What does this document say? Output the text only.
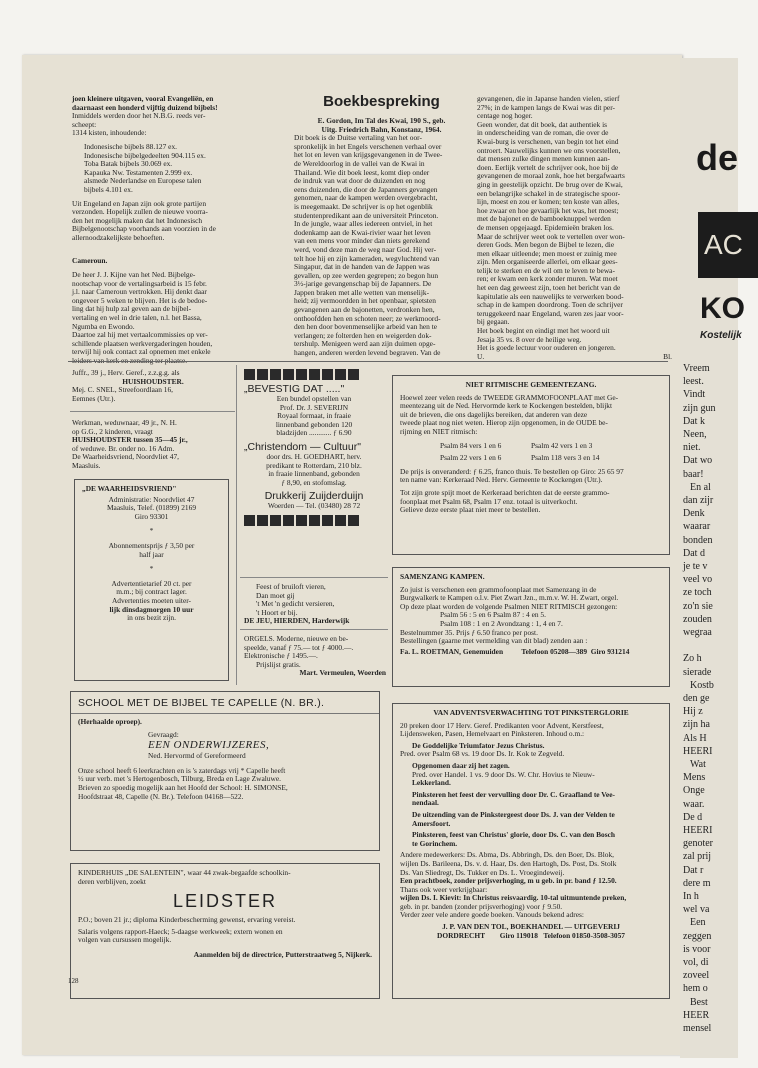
joen kleinere uitgaven, vooral Evangeliën, en
daarnaast een honderd vijftig duizend bijbels!
Inmiddels werden door het N.B.G. reeds ver-
scheept:
1314 kisten, inhoudende:
Indonesische bijbels 88.127 ex.
Indonesische bijbelgedeelten 904.115 ex.
Toba Batak bijbels 30.069 ex.
Kapauka Nw. Testamenten 2.999 ex.
alsmede Nederlandse en Europese talen
bijbels 4.101 ex.
Uit Engeland en Japan zijn ook grote partijen
verzonden. Hopelijk zullen de nieuwe voorra-
den het mogelijk maken dat het Indonesisch
Bijbelgenootschap voorhands aan voorzien in de
allernoodzakelijkste behoeften.
Cameroun.
De heer J. J. Kijne van het Ned. Bijbelge-
nootschap voor de vertalingsarbeid is 15 febr.
j.l. naar Cameroun vertrokken. Hij denkt daar
ongeveer 5 weken te blijven. Het is de bedoe-
ling dat hij hulp zal geven aan de bijbel-
vertaling en wel in drie talen, n.l. het Bassa,
Ngumba en Ewondo.
Daartoe zal hij met vertaalcommissies op ver-
schillende plaatsen werkvergaderingen houden,
terwijl hij ook contact zal opnemen met enkele
Boekbespreking
E. Gordon, Im Tal des Kwai, 190 S., geb.
Uitg. Friedrich Bahn, Konstanz, 1964.
Dit boek is de Duitse vertaling van het oor-
spronkelijk in het Engels verschenen verhaal over
het lot en leven van krijgsgevangenen in de Twee-
de Wereldoorlog in de vallei van de Kwai in
Thailand. Wie dit boek leest, komt diep onder
de indruk van wat door de duizenden en nog
eens duizenden, die door de Japanners gevangen
genomen, naar de kampen werden overgebracht,
is meegemaakt. De schrijver is op het ogenblik
studentenpredikant aan de universiteit Princeton.
In de jungle, waar alles iedereen ontviel, in het
dodenkamp aan de Kwai-rivier waar het leven
van een mens voor minder dan niets gerekend
werd, vond deze man de weg naar God. Hij ver-
telt hoe hij en zijn kameraden, wegvluchtend van
Singapur, dat in de handen van de Jappen was
gevallen, op zee werden gegrepen; zo begon hun
3½-jarige gevangenschap bij de Japanners. De
Jappen braken met alle wetten van menselijk-
heid; zij vermoordden in het openbaar, spietsten
gevangenen aan de bajonetten, verdronken hen,
onthoofdden hen en schoten neer; ze werkmoord-
den hen door bovenmenselijke arbeid van hen te
verlangen; ze folterden hen en weigerden dok-
tershulp. Menigeen werd aan zijn duimen opge-
hangen, anderen werden levend begraven. Van de
gevangenen, die in Japanse handen vielen, stierf
27%; in de kampen langs de Kwai was dit per-
centage nog hoger.
Geen wonder, dat dit boek, dat authentiek is
in onderscheiding van de roman, die over de
Kwai-burg is verschenen, van begin tot het eind
ontroert. Nauwelijks kunnen we ons voorstellen,
dat mensen zulke dingen menen kunnen aan-
doen. Eerlijk vertelt de schrijver ook, hoe bij de
gevangenen de moraal zonk, hoe het bergafwaarts
ging in geestelijk opzicht. De brug over de Kwai,
een belangrijke schakel in de strategische spoor-
lijn, moest en zou er komen; ten koste van alles,
hoe zwaar en hoe gevaarlijk het was, het moest;
met de bajonet en de bamboeknuppel werden
de mensen opgejaagd. Epidemieën braken los.
Maar de schrijver weet ook te vertellen over won-
deren Gods. Men begon de Bijbel te lezen, die
men elkaar uitleende; men moest er zuinig mee
zijn. Men organiseerde allerlei, om elkaar gees-
telijk te sterken en de wil om te leven te bewa-
ren; er kwam een kerk zonder muren. Wat moet
het een dag geweest zijn, toen het bericht van de
kapitulatie als een nauwelijks te verwerken bood-
schap in de kampen doordrong. Toen de schrijver
teruggekeerd naar Engeland, waren zes jaar voor-
bij gegaan.
Het boek begint en eindigt met het woord uit
Jesaja 35 vs. 8 over de heilige weg.
Het is goede lectuur voor ouderen en jongeren.
U.	Bl.
Juffr., 39 j., Herv. Geref., z.z.g.g. als
HUISHOUDSTER.
Mej. C. SNEL, Streefoordlaan 16,
Eemnes (Utr.).
Werkman, weduwnaar, 49 jr., N. H.
op G.G., 2 kinderen, vraagt
HUISHOUDSTER tussen 35—45 jr.,
of weduwe. Br. onder no. 16 Adm.
De Waarheidsvriend, Noordvliet 47,
Maasluis.
„DE WAARHEIDSVRIEND"
Administratie: Noordvliet 47
Maasluis, Telef. (01899) 2169
Giro 93301
*
Abonnementsprijs ƒ 3,50 per
half jaar
*
Advertentietarief 20 ct. per
m.m.; bij contract lager.
Advertenties moeten uiter-
lijk dinsdagmorgen 10 uur
in ons bezit zijn.
„BEVESTIG DAT ....."
Een bundel opstellen van
Prof. Dr. J. SEVERIJN
Royaal formaat, in fraaie
linnenband gebonden 120
bladzijden ............ ƒ 6.90
„Christendom — Cultuur"
door drs. H. GOEDHART, herv.
predikant te Rotterdam, 210 blz.
in fraaie linnenband, gebonden
ƒ 8,90, en stofomslag.
Drukkerij Zuijderduijn
Woerden — Tel. (03480) 28 72
Feest of bruiloft vieren,
Dan moet gij
't Met 'n gedicht versieren,
't Hoort er bij.
DE JEU, HIERDEN, Harderwijk
ORGELS. Moderne, nieuwe en be-
speelde, vanaf ƒ 75.— tot ƒ 4000.—.
Elektronische ƒ 1495.—.
Prijslijst gratis.
Mart. Vermeulen, Woerden
NIET RITMISCHE GEMEENTEZANG.
Hoewel zeer velen reeds de TWEEDE GRAMMOFOONPLAAT met Ge-
meentezang uit de Ned. Hervormde kerk te Kockengen bestelden, blijkt
uit de brieven, die ons dagelijks bereiken, dat anderen van deze
tweede plaat nog niet weten. Hierop zijn opgenomen, in de OUDE be-
rijming en NIET ritmisch:
Psalm 84 vers 1 en 6	Psalm 42 vers 1 en 3
Psalm 22 vers 1 en 6	Psalm 118 vers 3 en 14
De prijs is onveranderd: ƒ 6.25, franco thuis. Te bestellen op Giro: 25 65 97
ten name van: Kerkeraad Ned. Herv. Gemeente te Kockengen (Utr.).
Tot zijn grote spijt moet de Kerkeraad berichten dat de eerste grammo-
foonplaat met Psalm 68, Psalm 17 enz. totaal is uitverkocht.
Gelieve deze eerste plaat niet meer te bestellen.
SAMENZANG KAMPEN.
Zo juist is verschenen een grammofoonplaat met Samenzang in de
Burgwalkerk te Kampen o.l.v. Piet Zwart Jzn., m.m.v. W. H. Zwart, orgel.
Op deze plaat worden de volgende Psalmen NIET RITMISCH gezongen:
Psalm 56 : 5 en 6 Psalm 87 : 4 en 5.
Psalm 108 : 1 en 2 Avondzang : 1, 4 en 7.
Bestelnummer 35. Prijs ƒ 6.50 franco per post.
Bestellingen (gaarne met vermelding van dit blad) zenden aan :
Fa. L. ROETMAN, Genemuiden          Telefoon 05208—389  Giro 931214
SCHOOL MET DE BIJBEL TE CAPELLE (N. BR.).
(Herhaalde oproep).
Gevraagd:
EEN ONDERWIJZERES,
Ned. Hervormd of Gereformeerd
Onze school heeft 6 leerkrachten en is 's zaterdags vrij * Capelle heeft
½ uur verb. met 's Hertogenbosch, Tilburg, Breda en Lage Zwaluwe.
Brieven zo spoedig mogelijk aan het Hoofd der School: H. SIMONSE,
Hoofdstraat 48, Capelle (N. Br.). Telefoon 04168—522.
KINDERHUIS „DE SALENTEIN", waar 44 zwak-begaafde schoolkin-
deren verblijven, zoekt
LEIDSTER
P.O.; boven 21 jr.; diploma Kinderbescherming gewenst, ervaring vereist.
Salaris volgens rapport-Haeck; 5-daagse werkweek; extern wonen en
volgen van cursussen mogelijk.
Aanmelden bij de directrice, Putterstraatweg 5, Nijkerk.
VAN ADVENTSVERWACHTING TOT PINKSTERGLORIE
20 preken door 17 Herv. Geref. Predikanten voor Advent, Kerstfeest,
Lijdensweken, Pasen, Hemelvaart en Pinksteren. Inhoud o.m.:
De Goddelijke Triumfator Jezus Christus.
Pred. over Psalm 68 vs. 19 door Ds. Ir. Kok te Zegveld.
Opgenomen daar zij het zagen.
Pred. over Handel. 1 vs. 9 door Ds. W. Chr. Hovius te Nieuw-
Lekkerland.
Pinksteren het feest der vervulling door Dr. C. Graafland te Vee-
nendaal.
De uitzending van de Pinkstergeest door Ds. J. van der Velden te
Amersfoort.
Pinksteren, feest van Christus' glorie, door Ds. C. van den Bosch
te Gorinchem.
Andere medewerkers: Ds. Abma, Ds. Abbringh, Ds. den Boer, Ds. Blok,
wijlen Ds. Barileena, Ds. v. d. Haar, Ds. den Hartogh, Ds. Post, Ds. Stolk
Ds. Van Sliedregt, Ds. Tukker en Ds. L. Vroegindeweij.
Een prachtboek, zonder prijsverhoging, m u geb. in pr. band ƒ 12.50.
Thans ook weer verkrijgbaar:
wijlen Ds. I. Kievit: In Christus reisvaardig. 10-tal uitmuntende preken,
geb. in pr. banden (zonder prijsverhoging) voor ƒ 9.50.
Verder zeer vele andere goede boeken. Vanouds bekend adres:
J. P. VAN DEN TOL, BOEKHANDEL — UITGEVERIJ
DORDRECHT        Giro 119018   Telefoon 01850-3508-3057
128
de
AC
KO
Kostelijk
Vreem
leest.
Vindt
zijn gun
Dat k
Neen,
niet.
Dat wo
baar!
En al
dan zijr
Denk
waarar
bonden
Dat d
je te v
veel vo
ze toch
zo'n sie
zouden
wegraa
Zo h
sierade
Kostb
den ge
Hij z
zijn ha
Als H
HEERI
Wat
Mens
Onge
waar.
De d
HEERI
genoter
zal prij
Dat r
dere m
In h
wel va
Een
zeggen
is voor
vol, di
zoveel
hem o
Best
HEER
mensel
